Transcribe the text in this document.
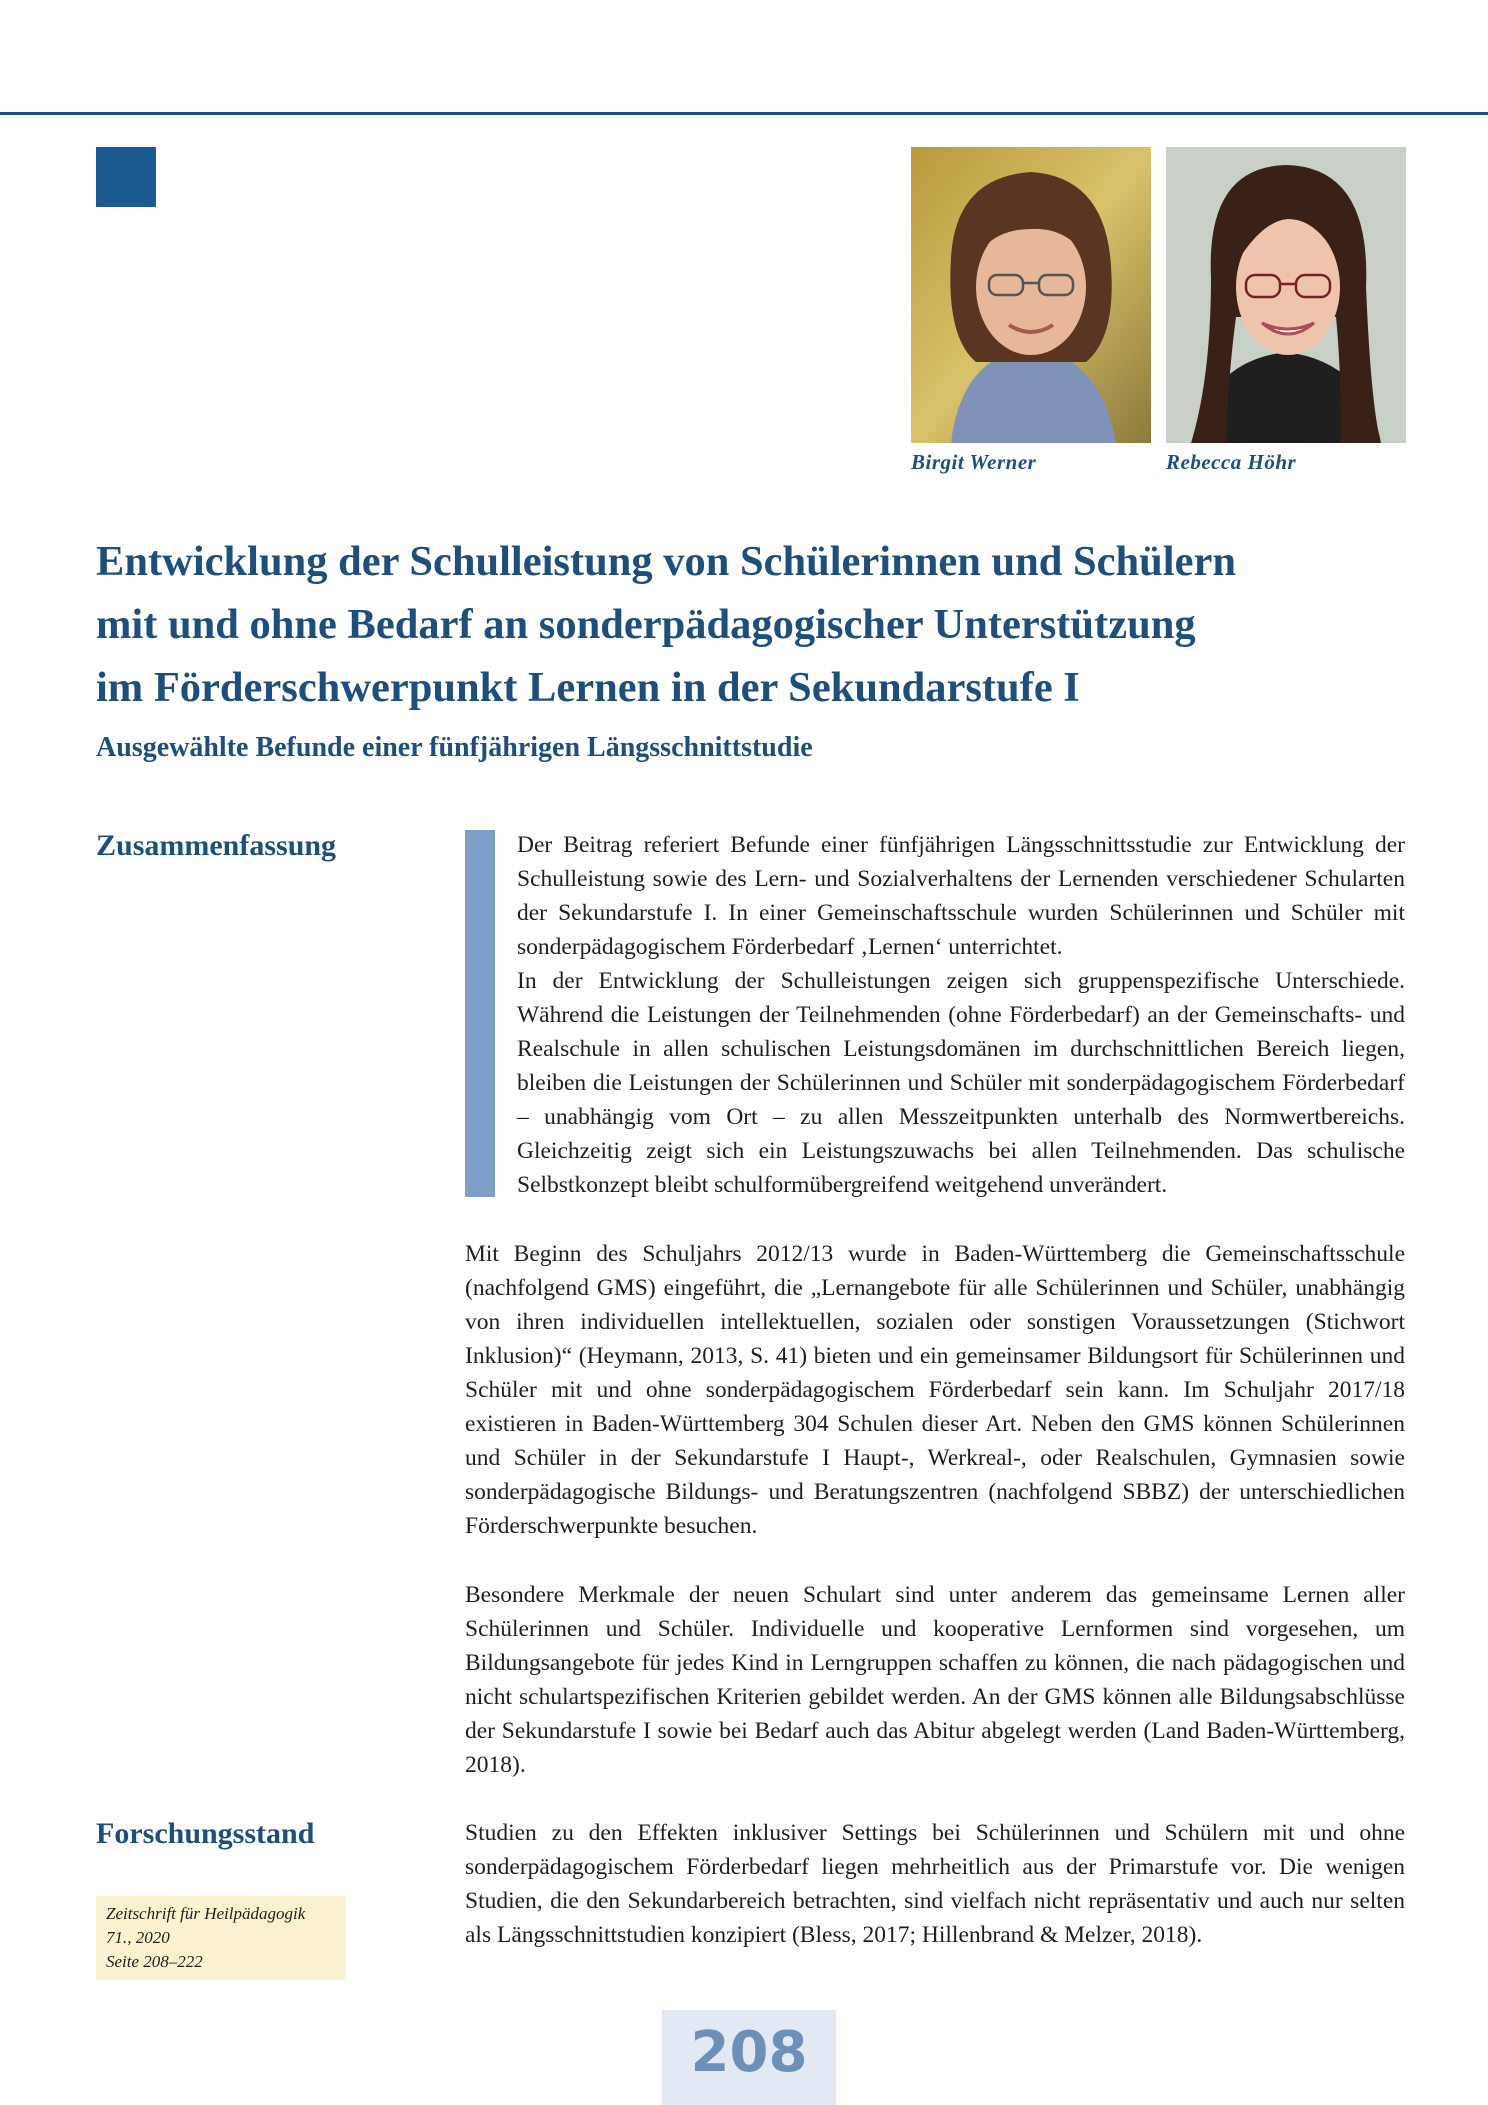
Birgit Werner	Rebecca Höhr
Entwicklung der Schulleistung von Schülerinnen und Schülern
mit und ohne Bedarf an sonderpädagogischer Unterstützung
im Förderschwerpunkt Lernen in der Sekundarstufe I
Ausgewählte Befunde einer fünfjährigen Längsschnittstudie
Zusammenfassung	Der Beitrag referiert Befunde einer fünfjährigen Längsschnittsstudie zur Entwicklung der Schulleistung sowie des Lern- und Sozialverhaltens der Lernenden verschiedener Schularten der Sekundarstufe I. In einer Gemeinschaftsschule wurden Schülerinnen und Schüler mit sonderpädagogischem Förderbedarf ‚Lernen‘ unterrichtet.

In der Entwicklung der Schulleistungen zeigen sich gruppenspezifische Unterschiede. Während die Leistungen der Teilnehmenden (ohne Förderbedarf) an der Gemeinschafts- und Realschule in allen schulischen Leistungsdomänen im durchschnittlichen Bereich liegen, bleiben die Leistungen der Schülerinnen und Schüler mit sonderpädagogischem Förderbedarf – unabhängig vom Ort – zu allen Messzeitpunkten unterhalb des Normwertbereichs. Gleichzeitig zeigt sich ein Leistungszuwachs bei allen Teilnehmenden. Das schulische Selbstkonzept bleibt schulformübergreifend weitgehend unverändert.

Mit Beginn des Schuljahrs 2012/13 wurde in Baden-Württemberg die Gemeinschaftsschule (nachfolgend GMS) eingeführt, die „Lernangebote für alle Schülerinnen und Schüler, unabhängig von ihren individuellen intellektuellen, sozialen oder sonstigen Voraussetzungen (Stichwort Inklusion)“ (Heymann, 2013, S. 41) bieten und ein gemeinsamer Bildungsort für Schülerinnen und Schüler mit und ohne sonderpädagogischem Förderbedarf sein kann. Im Schuljahr 2017/18 existieren in Baden-Württemberg 304 Schulen dieser Art. Neben den GMS können Schülerinnen und Schüler in der Sekundarstufe I Haupt-, Werkreal-, oder Realschulen, Gymnasien sowie sonderpädagogische Bildungs- und Beratungszentren (nachfolgend SBBZ) der unterschiedlichen Förderschwerpunkte besuchen.

Besondere Merkmale der neuen Schulart sind unter anderem das gemeinsame Lernen aller Schülerinnen und Schüler. Individuelle und kooperative Lernformen sind vorgesehen, um Bildungsangebote für jedes Kind in Lerngruppen schaffen zu können, die nach pädagogischen und nicht schulartspezifischen Kriterien gebildet werden. An der GMS können alle Bildungsabschlüsse der Sekundarstufe I sowie bei Bedarf auch das Abitur abgelegt werden (Land Baden-Württemberg, 2018).

Forschungsstand	Studien zu den Effekten inklusiver Settings bei Schülerinnen und Schülern mit und ohne sonderpädagogischem Förderbedarf liegen mehrheitlich aus der Primarstufe vor. Die wenigen Studien, die den Sekundarbereich betrachten, sind vielfach nicht repräsentativ und auch nur selten als Längsschnittstudien konzipiert (Bless, 2017; Hillenbrand & Melzer, 2018).

Zeitschrift für Heilpädagogik
71., 2020
Seite 208–222
208
